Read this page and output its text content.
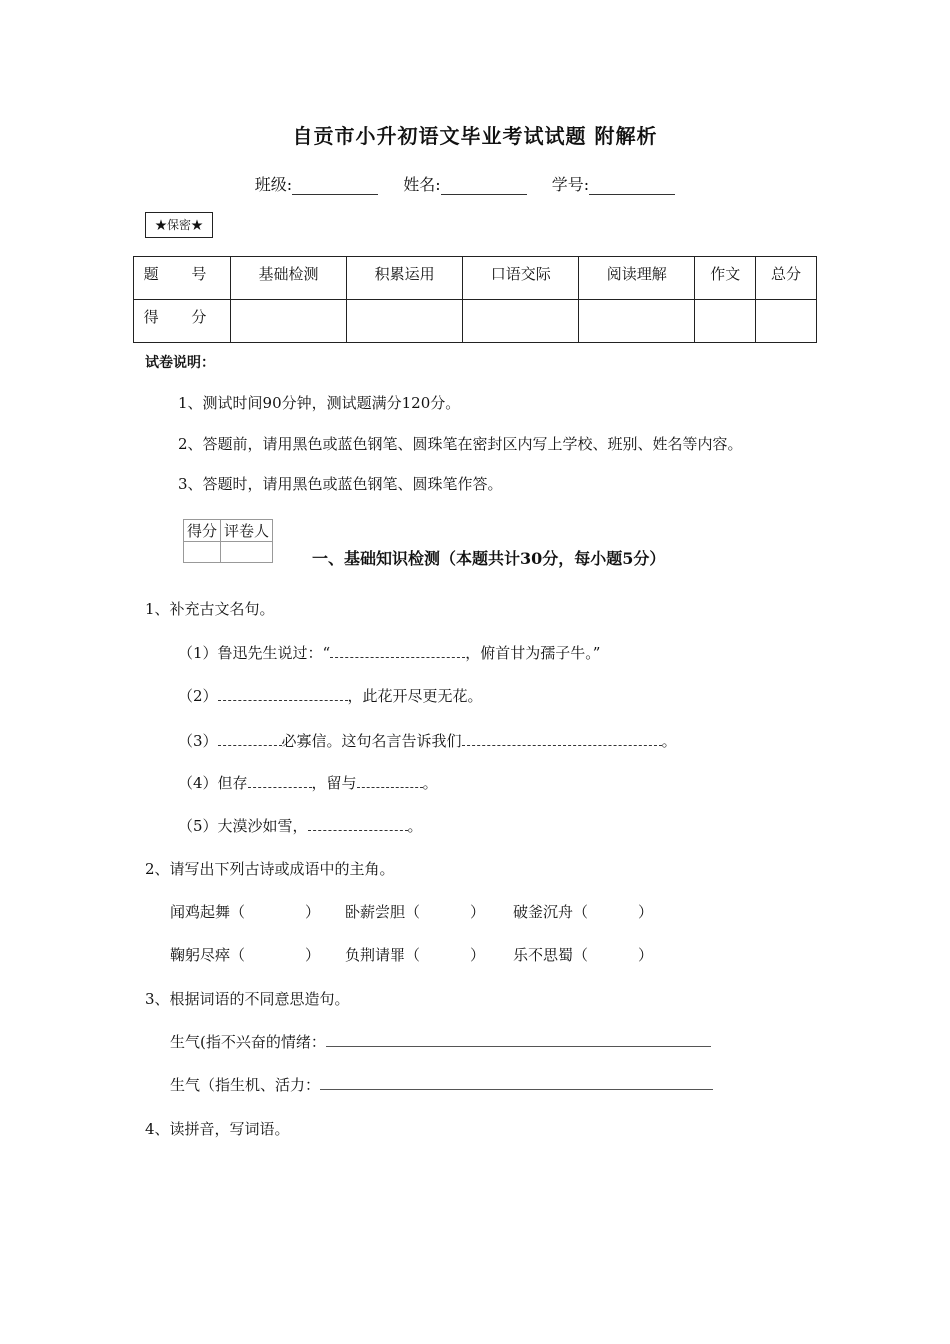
自贡市小升初语文毕业考试试题 附解析
班级:	姓名:	学号:
★保密★
题 号	基础检测	积累运用	口语交际	阅读理解	作文	总分
得 分						
试卷说明：
1、测试时间90分钟，测试题满分120分。
2、答题前，请用黑色或蓝色钢笔、圆珠笔在密封区内写上学校、班别、姓名等内容。
3、答题时，请用黑色或蓝色钢笔、圆珠笔作答。
得分	评卷人

一、基础知识检测（本题共计30分，每小题5分）
1、补充古文名句。
（1）鲁迅先生说过：“	，俯首甘为孺子牛。”
（2）	，此花开尽更无花。
（3）	必寡信。这句名言告诉我们	。
（4）但存	，留与	。
（5）大漠沙如雪，	。
2、请写出下列古诗或成语中的主角。
闻鸡起舞（	） 卧薪尝胆（	） 破釜沉舟（	）
鞠躬尽瘁（	） 负荆请罪（	） 乐不思蜀（	）
3、根据词语的不同意思造句。
生气(指不兴奋的情绪：
生气（指生机、活力：
4、读拼音，写词语。
